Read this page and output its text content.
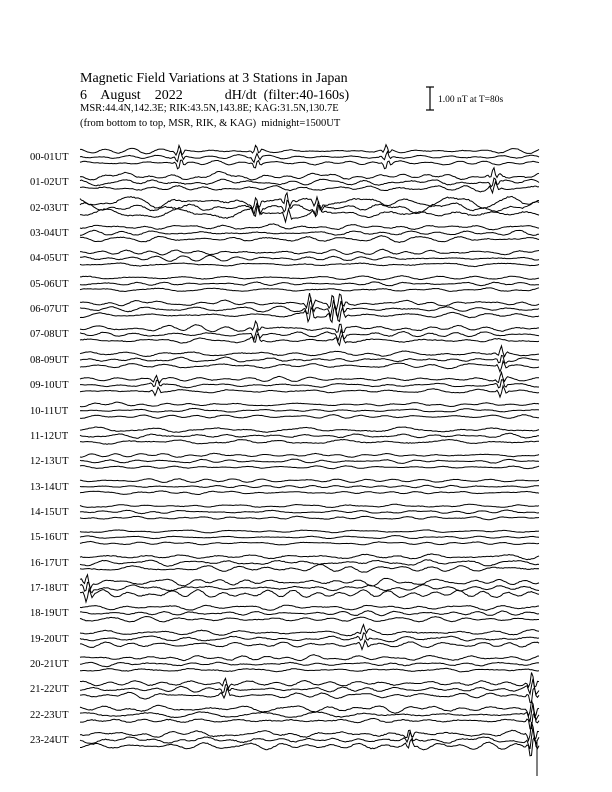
Magnetic Field Variations at 3 Stations in Japan
6 August 2022	dH/dt  (filter:40-160s)
MSR:44.4N,142.3E; RIK:43.5N,143.8E; KAG:31.5N,130.7E
(from bottom to top, MSR, RIK, & KAG)  midnight=1500UT
1.00 nT at T=80s
00-01UT
01-02UT
02-03UT
03-04UT
04-05UT
05-06UT
06-07UT
07-08UT
08-09UT
09-10UT
10-11UT
11-12UT
12-13UT
13-14UT
14-15UT
15-16UT
16-17UT
17-18UT
18-19UT
19-20UT
20-21UT
21-22UT
22-23UT
23-24UT
